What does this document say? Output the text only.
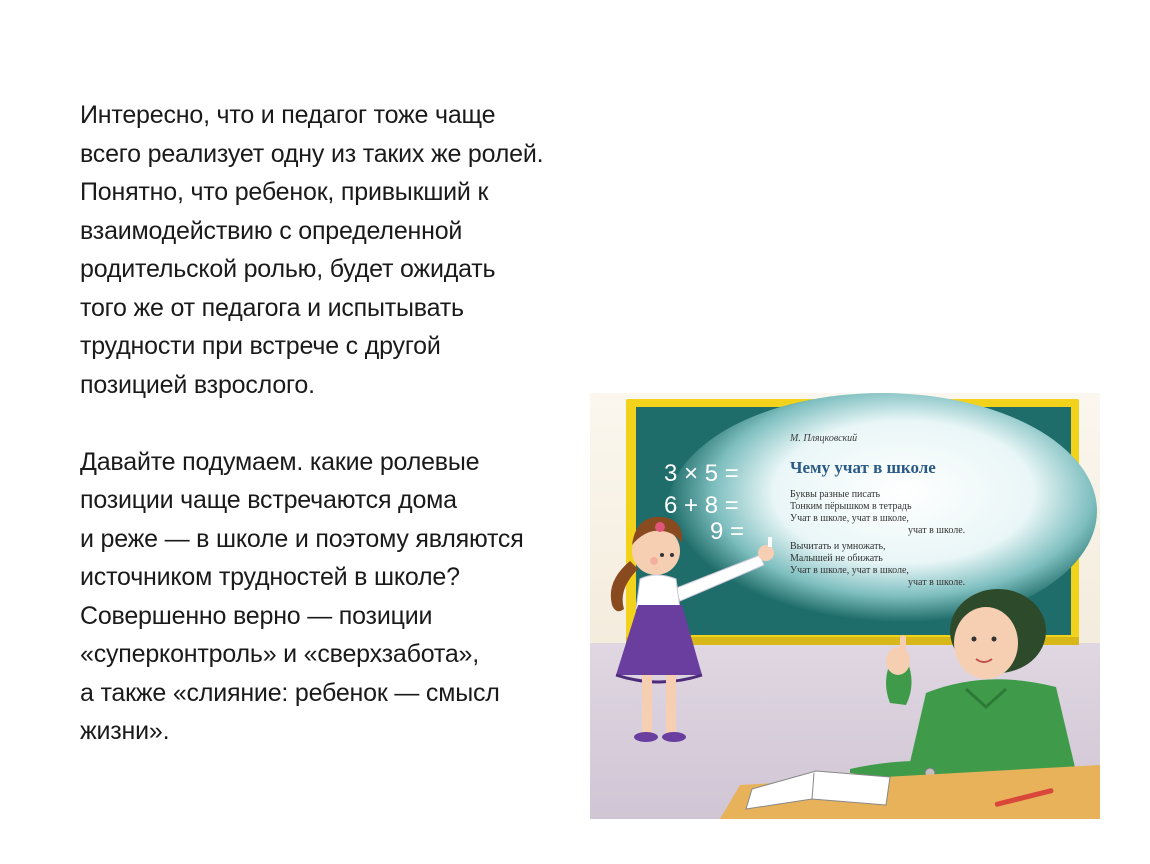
Интересно, что и педагог тоже чаще
всего реализует одну из таких же ролей.
Понятно, что ребенок, привыкший к
взаимодействию с определенной
родительской ролью, будет ожидать
того же от педагога и испытывать
трудности при встрече с другой
позицией взрослого.
Давайте подумаем. какие ролевые
позиции чаще встречаются дома
и реже — в школе и поэтому являются
источником трудностей в школе?
Совершенно верно — позиции
«суперконтроль» и «сверхзабота»,
а также «слияние: ребенок — смысл
жизни».
3 × 5 =
6 + 8 =
9 =
М. Пляцковский
Чему учат в школе
Буквы разные писать
Тонким пёрышком в тетрадь
Учат в школе, учат в школе,
учат в школе.
Вычитать и умножать,
Малышей не обижать
Учат в школе, учат в школе,
учат в школе.
